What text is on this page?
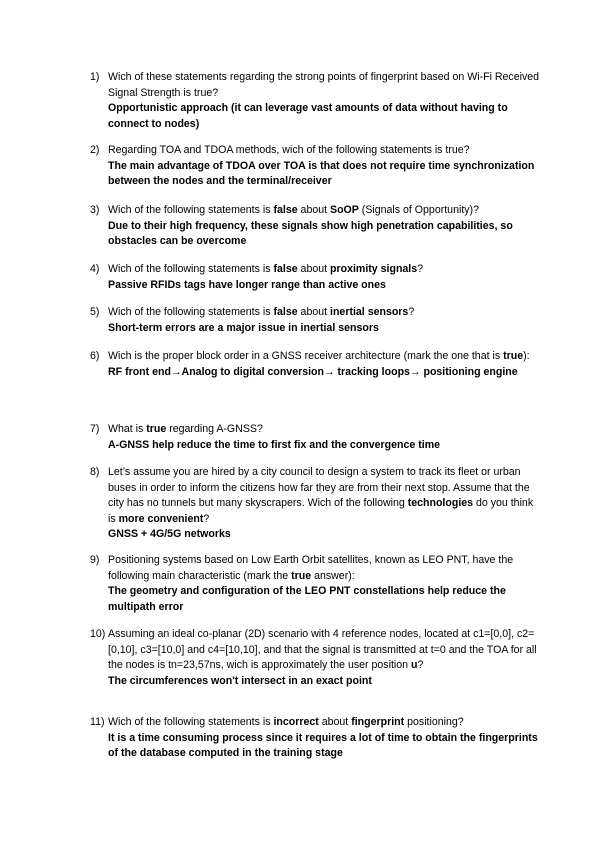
1) Wich of these statements regarding the strong points of fingerprint based on Wi-Fi Received Signal Strength is true?
Opportunistic approach (it can leverage vast amounts of data without having to connect to nodes)
2) Regarding TOA and TDOA methods, wich of the following statements is true?
The main advantage of TDOA over TOA is that does not require time synchronization between the nodes and the terminal/receiver
3) Wich of the following statements is false about SoOP (Signals of Opportunity)?
Due to their high frequency, these signals show high penetration capabilities, so obstacles can be overcome
4) Wich of the following statements is false about proximity signals?
Passive RFIDs tags have longer range than active ones
5) Wich of the following statements is false about inertial sensors?
Short-term errors are a major issue in inertial sensors
6) Wich is the proper block order in a GNSS receiver architecture (mark the one that is true):
RF front end→Analog to digital conversion→ tracking loops→ positioning engine
7) What is true regarding A-GNSS?
A-GNSS help reduce the time to first fix and the convergence time
8) Let’s assume you are hired by a city council to design a system to track its fleet or urban buses in order to inform the citizens how far they are from their next stop. Assume that the city has no tunnels but many skyscrapers. Wich of the following technologies do you think is more convenient?
GNSS + 4G/5G networks
9) Positioning systems based on Low Earth Orbit satellites, known as LEO PNT, have the following main characteristic (mark the true answer):
The geometry and configuration of the LEO PNT constellations help reduce the multipath error
10) Assuming an ideal co-planar (2D) scenario with 4 reference nodes, located at c1=[0,0], c2=[0,10], c3=[10,0] and c4=[10,10], and that the signal is transmitted at t=0 and the TOA for all the nodes is tn=23,57ns, wich is approximately the user position u?
The circumferences won't intersect in an exact point
11) Wich of the following statements is incorrect about fingerprint positioning?
It is a time consuming process since it requires a lot of time to obtain the fingerprints of the database computed in the training stage
